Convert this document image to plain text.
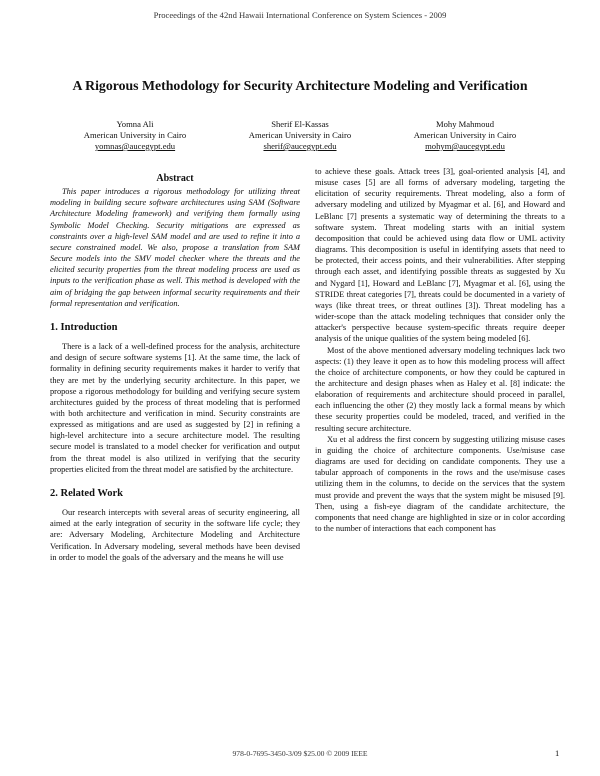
Proceedings of the 42nd Hawaii International Conference on System Sciences - 2009
A Rigorous Methodology for Security Architecture Modeling and Verification
Yomna Ali
American University in Cairo
yomnas@aucegypt.edu
Sherif El-Kassas
American University in Cairo
sherif@aucegypt.edu
Mohy Mahmoud
American University in Cairo
mohym@aucegypt.edu
Abstract

This paper introduces a rigorous methodology for utilizing threat modeling in building secure software architectures using SAM (Software Architecture Modeling framework) and verifying them formally using Symbolic Model Checking. Security mitigations are expressed as constraints over a high-level SAM model and are used to refine it into a secure constrained model. We also, propose a translation from SAM Secure models into the SMV model checker where the threats and the elicited security properties from the threat modeling process are used as inputs to the verification phase as well. This method is developed with the aim of bridging the gap between informal security requirements and their formal representation and verification.

1. Introduction

There is a lack of a well-defined process for the analysis, architecture and design of secure software systems [1]. At the same time, the lack of formality in defining security requirements makes it harder to verify that they are met by the underlying security architecture. In this paper, we propose a rigorous methodology for building and verifying secure system architectures guided by the process of threat modeling that is performed with both architecture and verification in mind. Security constraints are expressed as mitigations and are used as suggested by [2] in refining a high-level architecture into a secure architecture model. The resulting secure model is translated to a model checker for verification and output from the threat model is also utilized in verifying that the security properties elicited from the threat model are satisfied by the architecture.

2. Related Work

Our research intercepts with several areas of security engineering, all aimed at the early integration of security in the software life cycle; they are: Adversary Modeling, Architecture Modeling and Architecture Verification. In Adversary modeling, several methods have been devised in order to model the goals of the adversary and the means he will use

to achieve these goals. Attack trees [3], goal-oriented analysis [4], and misuse cases [5] are all forms of adversary modeling, targeting the elicitation of security requirements. Threat modeling, also a form of adversary modeling and utilized by Myagmar et al. [6], and Howard and LeBlanc [7] presents a systematic way of determining the threats to a software system. Threat modeling starts with an initial system decomposition that could be achieved using data flow or UML activity diagrams. This decomposition is useful in identifying assets that need to be protected, their access points, and their vulnerabilities. After stepping through each asset, and identifying possible threats as suggested by Xu and Nygard [1], Howard and LeBlanc [7], Myagmar et al. [6], using the STRIDE threat categories [7], threats could be documented in a variety of ways (like threat trees, or threat outlines [3]). Threat modeling has a wider-scope than the attack modeling techniques that consider only the attacker's perspective because system-specific threats require deeper analysis of the unique qualities of the system being modeled [6].

Most of the above mentioned adversary modeling techniques lack two aspects: (1) they leave it open as to how this modeling process will affect the choice of architecture components, or how they could be captured in the architecture and design phases when as Haley et al. [8] indicate: the elaboration of requirements and architecture should proceed in parallel, each influencing the other (2) they mostly lack a formal means by which these security properties could be modeled, traced, and verified in the resulting secure architecture.

Xu et al address the first concern by suggesting utilizing misuse cases in guiding the choice of architecture components. Use/misuse case diagrams are used for deciding on candidate components. They use a tabular approach of components in the rows and the use/misuse cases utilizing them in the columns, to decide on the services that the system must provide and prevent the ways that the system might be misused [9]. Then, using a fish-eye diagram of the candidate architecture, the components that need change are highlighted in size or in color according to the number of interactions that each component has

978-0-7695-3450-3/09 $25.00 © 2009 IEEE	1
